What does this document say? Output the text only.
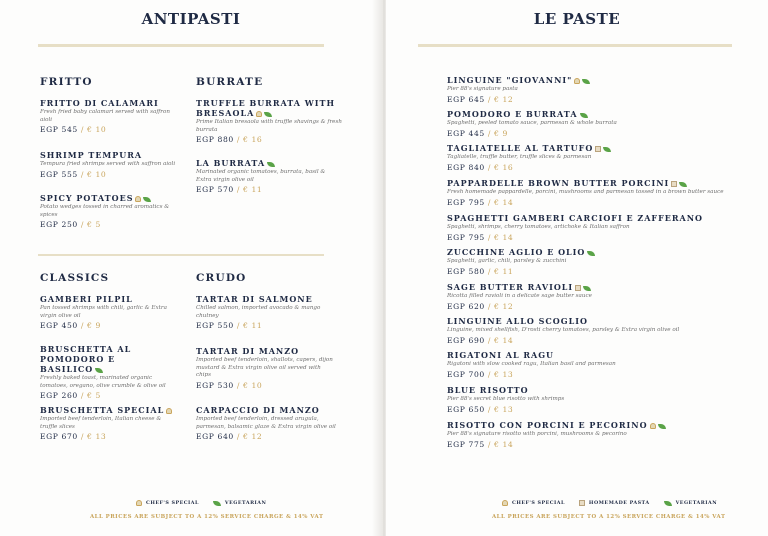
ANTIPASTI
FRITTO	BURRATE
FRITTO DI CALAMARI
Fresh fried baby calamari served with saffron aioli
EGP 545 / € 10
SHRIMP TEMPURA
Tempura fried shrimps served with saffron aioli
EGP 555 / € 10
SPICY POTATOES
Potato wedges tossed in charred aromatics & spices
EGP 250 / € 5
TRUFFLE BURRATA WITH BRESAOLA
Prime Italian bresaola with truffle shavings & fresh burrata
EGP 880 / € 16
LA BURRATA
Marinated organic tomatoes, burrata, basil & Extra virgin olive oil
EGP 570 / € 11
CLASSICS	CRUDO
GAMBERI PILPIL
Pan tossed shrimps with chili, garlic & Extra virgin olive oil
EGP 450 / € 9
BRUSCHETTA AL POMODORO E BASILICO
Freshly baked toast, marinated organic tomatoes, oregano, olive crumble & olive oil
EGP 260 / € 5
BRUSCHETTA SPECIAL
Imported beef tenderloin, Italian cheese & truffle slices
EGP 670 / € 13
TARTAR DI SALMONE
Chilled salmon, imported avocado & mango chutney
EGP 550 / € 11
TARTAR DI MANZO
Imported beef tenderloin, shallots, capers, dijon mustard & Extra virgin olive oil served with chips
EGP 530 / € 10
CARPACCIO DI MANZO
Imported beef tenderloin, dressed arugula, parmesan, balsamic glaze & Extra virgin olive oil
EGP 640 / € 12
CHEF'S SPECIAL	VEGETARIAN
ALL PRICES ARE SUBJECT TO A 12% SERVICE CHARGE & 14% VAT
LE PASTE
LINGUINE "GIOVANNI"
Pier 88's signature pasta
EGP 645 / € 12
POMODORO E BURRATA
Spaghetti, peeled tomato sauce, parmesan & whole burrata
EGP 445 / € 9
TAGLIATELLE AL TARTUFO
Tagliatelle, truffle butter, truffle slices & parmesan
EGP 840 / € 16
PAPPARDELLE BROWN BUTTER PORCINI
Fresh homemade pappardelle, porcini, mushrooms and parmesan tossed in a brown butter sauce
EGP 795 / € 14
SPAGHETTI GAMBERI CARCIOFI E ZAFFERANO
Spaghetti, shrimps, cherry tomatoes, artichoke & Italian saffron
EGP 795 / € 14
ZUCCHINE AGLIO E OLIO
Spaghetti, garlic, chili, parsley & zucchini
EGP 580 / € 11
SAGE BUTTER RAVIOLI
Ricotta filled ravioli in a delicate sage butter sauce
EGP 620 / € 12
LINGUINE ALLO SCOGLIO
Linguine, mixed shellfish, D'rosti cherry tomatoes, parsley & Extra virgin olive oil
EGP 690 / € 14
RIGATONI AL RAGU
Rigatoni with slow cooked ragu, Italian basil and parmesan
EGP 700 / € 13
BLUE RISOTTO
Pier 88's secret blue risotto with shrimps
EGP 650 / € 13
RISOTTO CON PORCINI E PECORINO
Pier 88's signature risotto with porcini, mushrooms & pecorino
EGP 775 / € 14
CHEF'S SPECIAL	HOMEMADE PASTA	VEGETARIAN
ALL PRICES ARE SUBJECT TO A 12% SERVICE CHARGE & 14% VAT
